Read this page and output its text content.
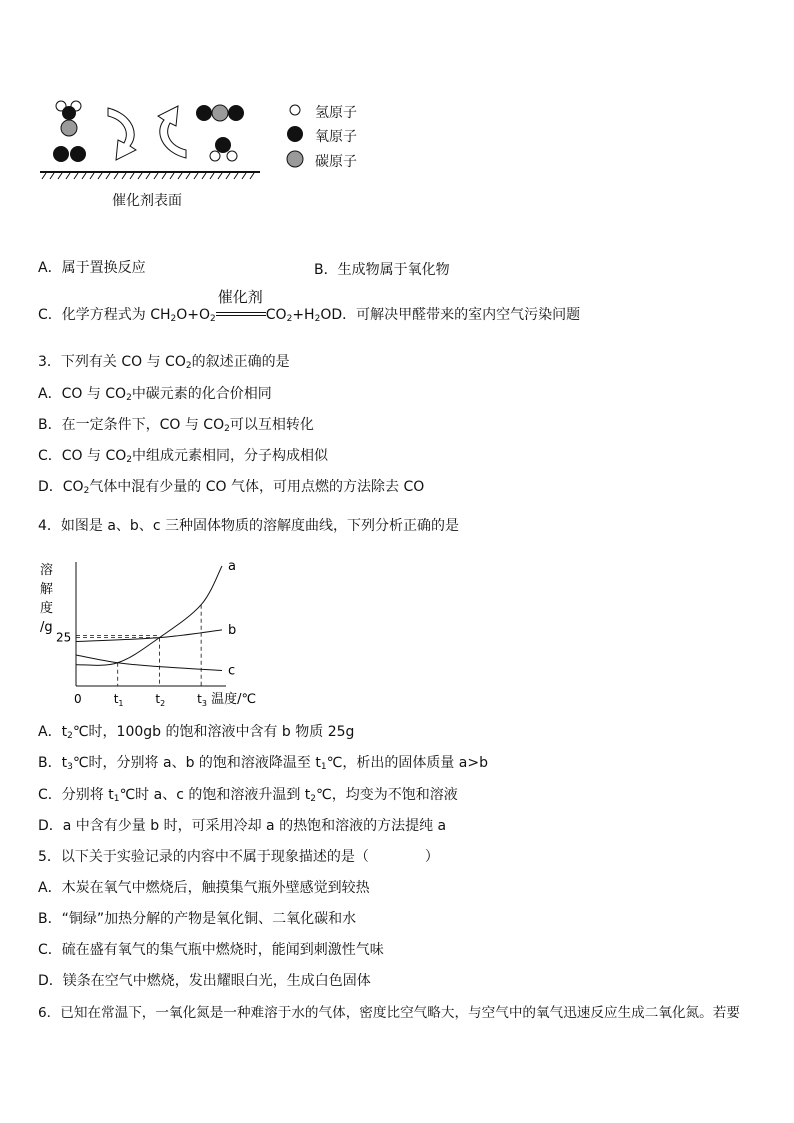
氢原子
氧原子
碳原子
催化剂表面
A．属于置换反应	B．生成物属于氧化物
C．化学方程式为 $CH_2O+O_2$
催化剂
$CO_2+H_2OD$．可解决甲醛带来的室内空气污染问题
3．下列有关 CO 与 $CO_2$的叙述正确的是
A．CO 与 $CO_2$中碳元素的化合价相同
B．在一定条件下，CO 与 $CO_2$可以互相转化
C．CO 与 $CO_2$中组成元素相同，分子构成相似
D．$CO_2$气体中混有少量的 CO 气体，可用点燃的方法除去 CO
4．如图是 a、b、c 三种固体物质的溶解度曲线，下列分析正确的是
溶
解
度
/g
a
b
c
0
25
$t_1$	$t_2$	$t_3$ 温度/℃
A．$t_2℃$时，100gb 的饱和溶液中含有 b 物质 25g
B．$t_3℃$时，分别将 a、b 的饱和溶液降温至 $t_1℃$，析出的固体质量 a>b
C．分别将 $t_1℃$时 a、c 的饱和溶液升温到 $t_2℃$，均变为不饱和溶液
D．a 中含有少量 b 时，可采用冷却 a 的热饱和溶液的方法提纯 a
5．以下关于实验记录的内容中不属于现象描述的是（　　　　）
A．木炭在氧气中燃烧后，触摸集气瓶外壁感觉到较热
B．“铜绿”加热分解的产物是氧化铜、二氧化碳和水
C．硫在盛有氧气的集气瓶中燃烧时，能闻到刺激性气味
D．镁条在空气中燃烧，发出耀眼白光，生成白色固体
6．已知在常温下，一氧化氮是一种难溶于水的气体，密度比空气略大，与空气中的氧气迅速反应生成二氧化氮。若要
